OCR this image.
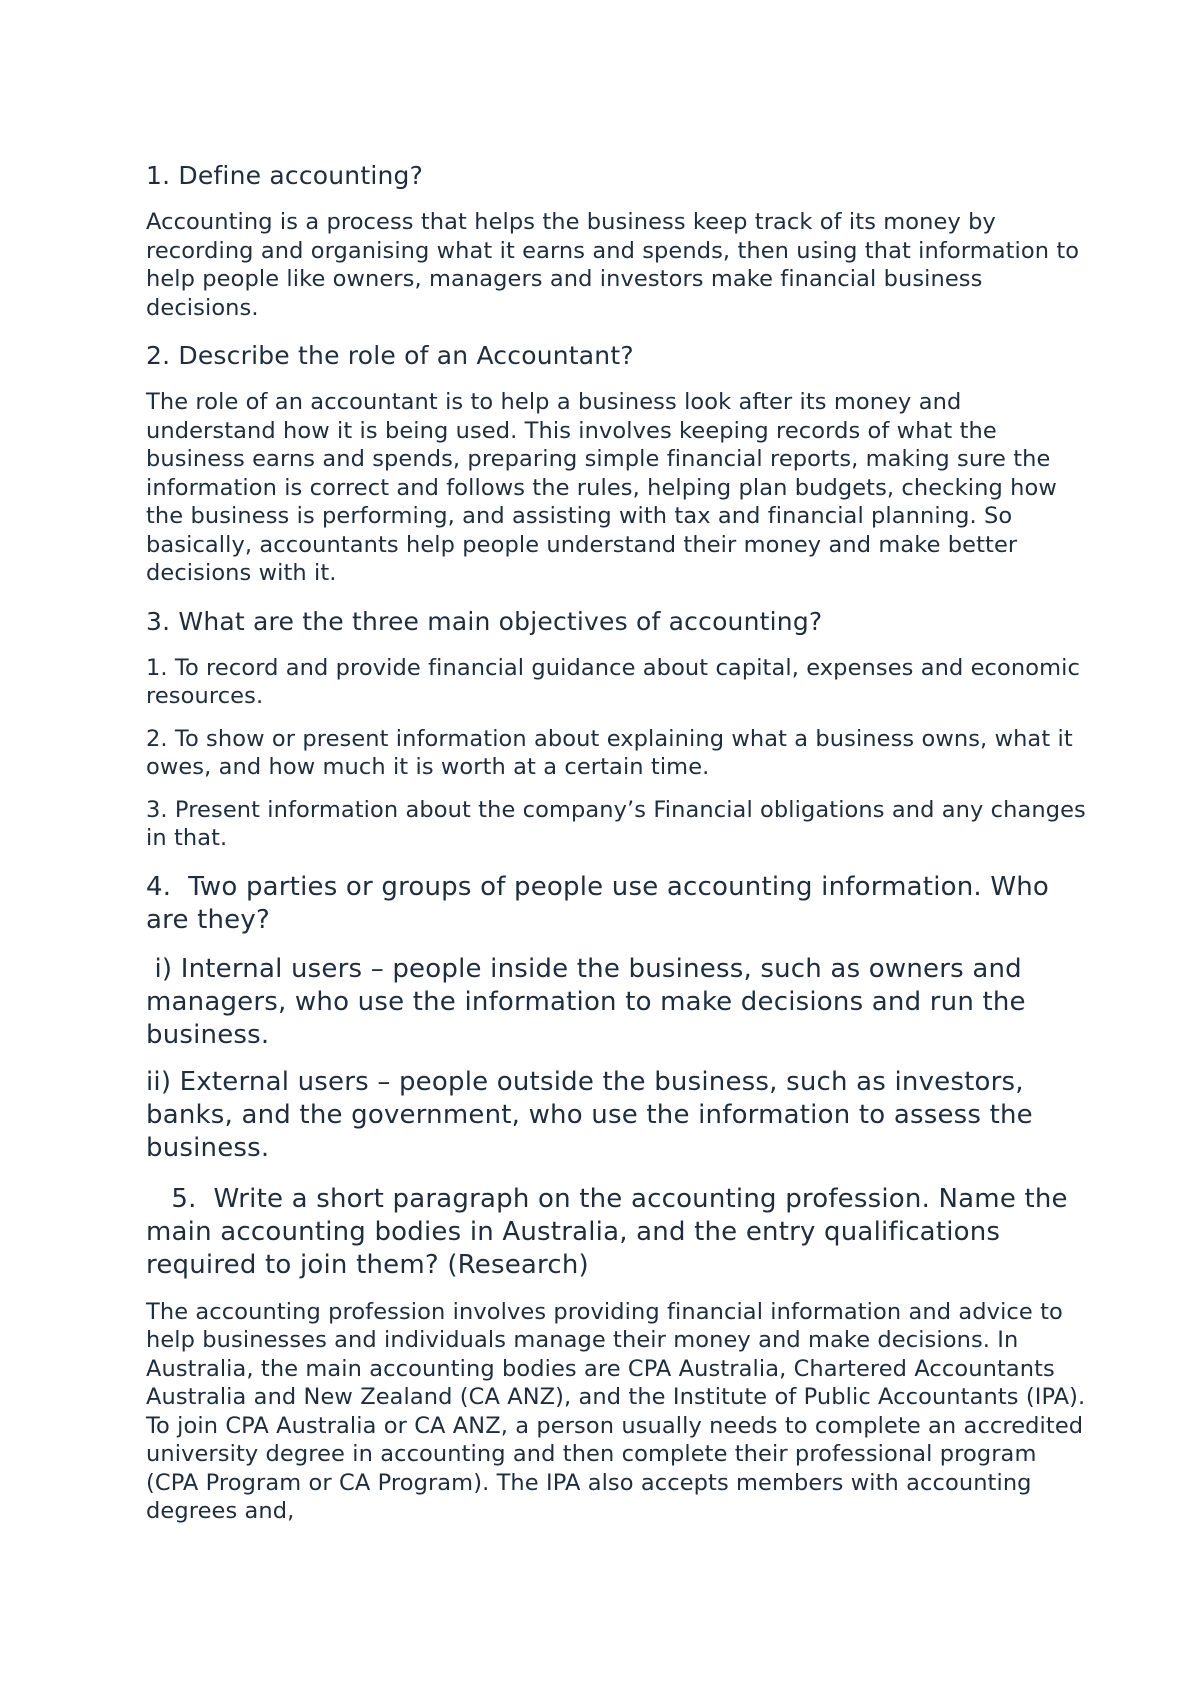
1. Define accounting?

Accounting is a process that helps the business keep track of its money by recording and organising what it earns and spends, then using that information to help people like owners, managers and investors make financial business decisions.

2. Describe the role of an Accountant?

The role of an accountant is to help a business look after its money and understand how it is being used. This involves keeping records of what the business earns and spends, preparing simple financial reports, making sure the information is correct and follows the rules, helping plan budgets, checking how the business is performing, and assisting with tax and financial planning. So basically, accountants help people understand their money and make better decisions with it.

3. What are the three main objectives of accounting?

1. To record and provide financial guidance about capital, expenses and economic resources.

2. To show or present information about explaining what a business owns, what it owes, and how much it is worth at a certain time.

3. Present information about the company’s Financial obligations and any changes in that.

4.  Two parties or groups of people use accounting information. Who are they?

i) Internal users – people inside the business, such as owners and managers, who use the information to make decisions and run the business.

ii) External users – people outside the business, such as investors, banks, and the government, who use the information to assess the business.

5.  Write a short paragraph on the accounting profession. Name the main accounting bodies in Australia, and the entry qualifications required to join them? (Research)

The accounting profession involves providing financial information and advice to help businesses and individuals manage their money and make decisions. In Australia, the main accounting bodies are CPA Australia, Chartered Accountants Australia and New Zealand (CA ANZ), and the Institute of Public Accountants (IPA). To join CPA Australia or CA ANZ, a person usually needs to complete an accredited university degree in accounting and then complete their professional program (CPA Program or CA Program). The IPA also accepts members with accounting degrees and,
